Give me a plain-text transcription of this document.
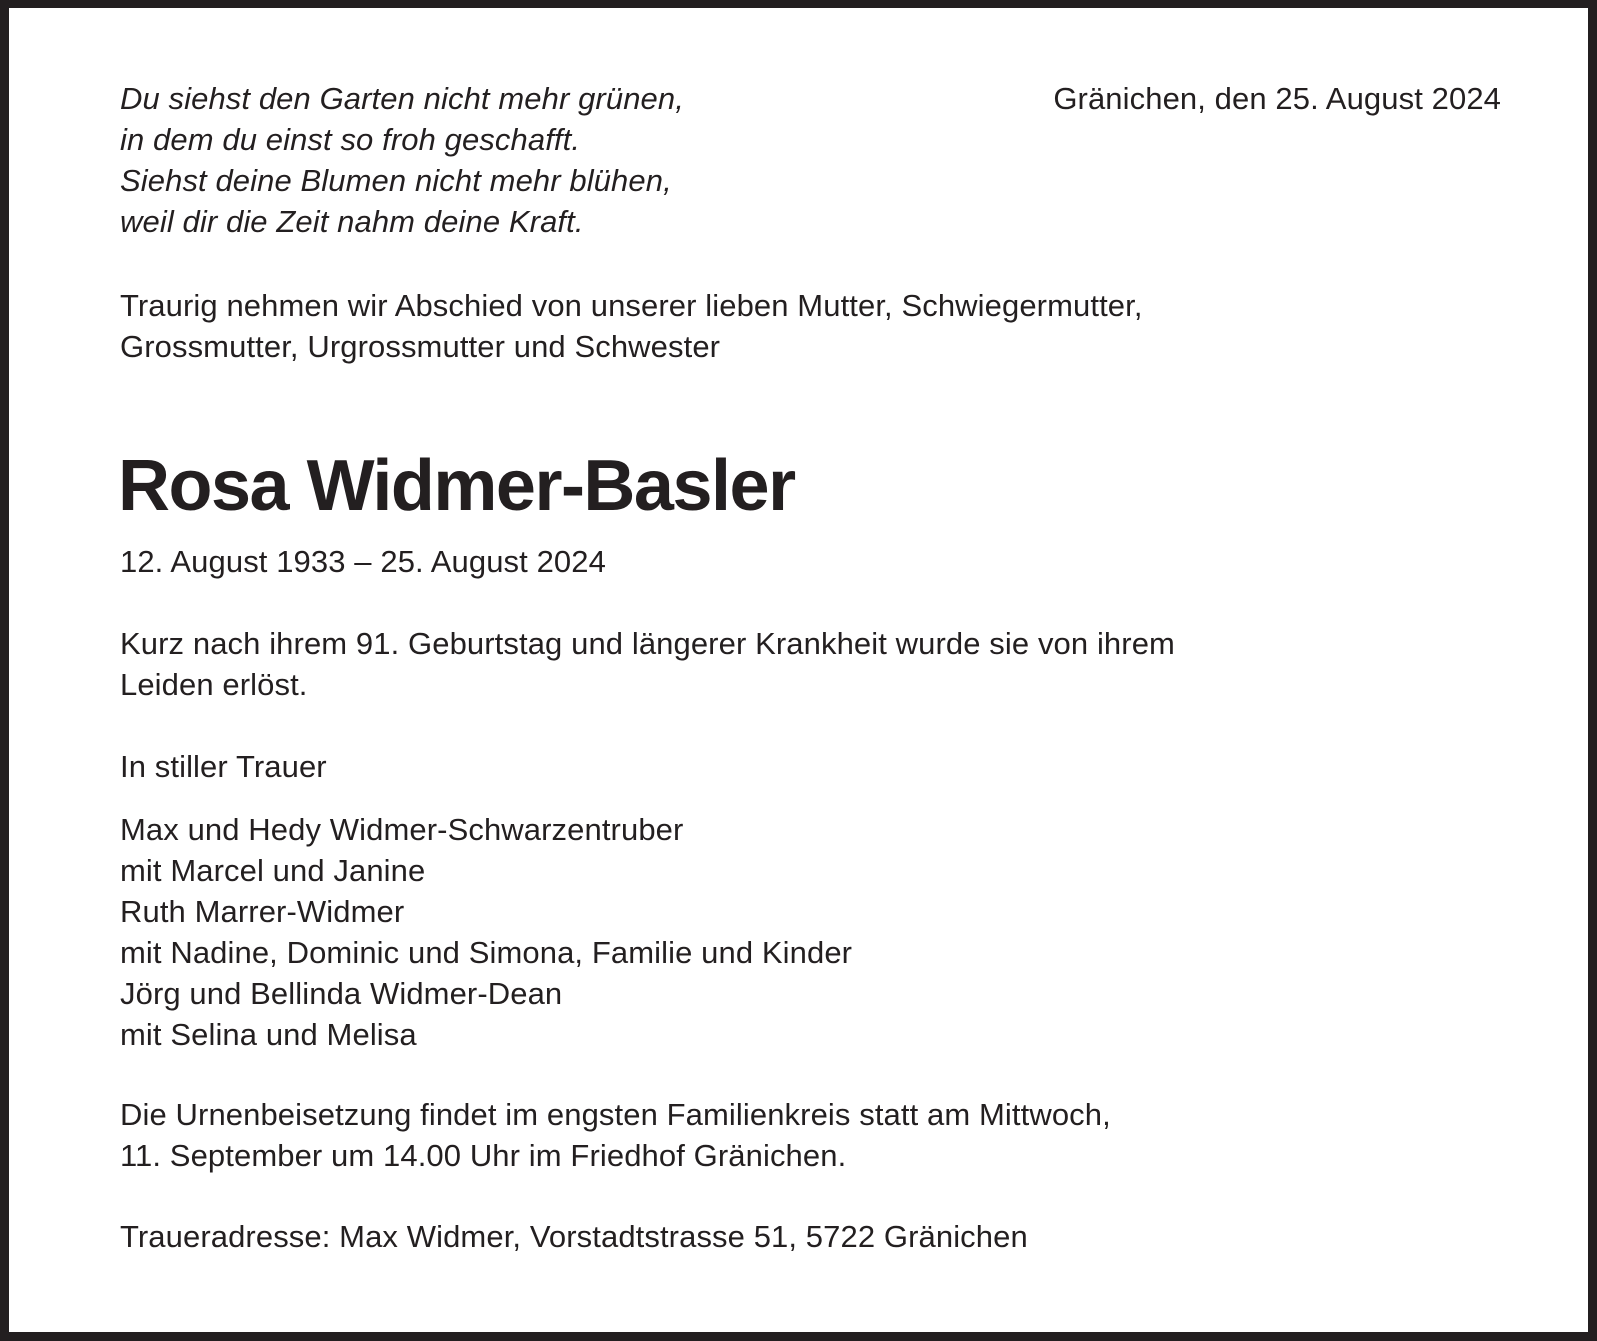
Du siehst den Garten nicht mehr grünen,
in dem du einst so froh geschafft.
Siehst deine Blumen nicht mehr blühen,
weil dir die Zeit nahm deine Kraft.
Gränichen, den 25. August 2024
Traurig nehmen wir Abschied von unserer lieben Mutter, Schwiegermutter,
Grossmutter, Urgrossmutter und Schwester
Rosa Widmer-Basler
12. August 1933 – 25. August 2024
Kurz nach ihrem 91. Geburtstag und längerer Krankheit wurde sie von ihrem
Leiden erlöst.
In stiller Trauer
Max und Hedy Widmer-Schwarzentruber
mit Marcel und Janine
Ruth Marrer-Widmer
mit Nadine, Dominic und Simona, Familie und Kinder
Jörg und Bellinda Widmer-Dean
mit Selina und Melisa
Die Urnenbeisetzung findet im engsten Familienkreis statt am Mittwoch,
11. September um 14.00 Uhr im Friedhof Gränichen.
Traueradresse: Max Widmer, Vorstadtstrasse 51, 5722 Gränichen
